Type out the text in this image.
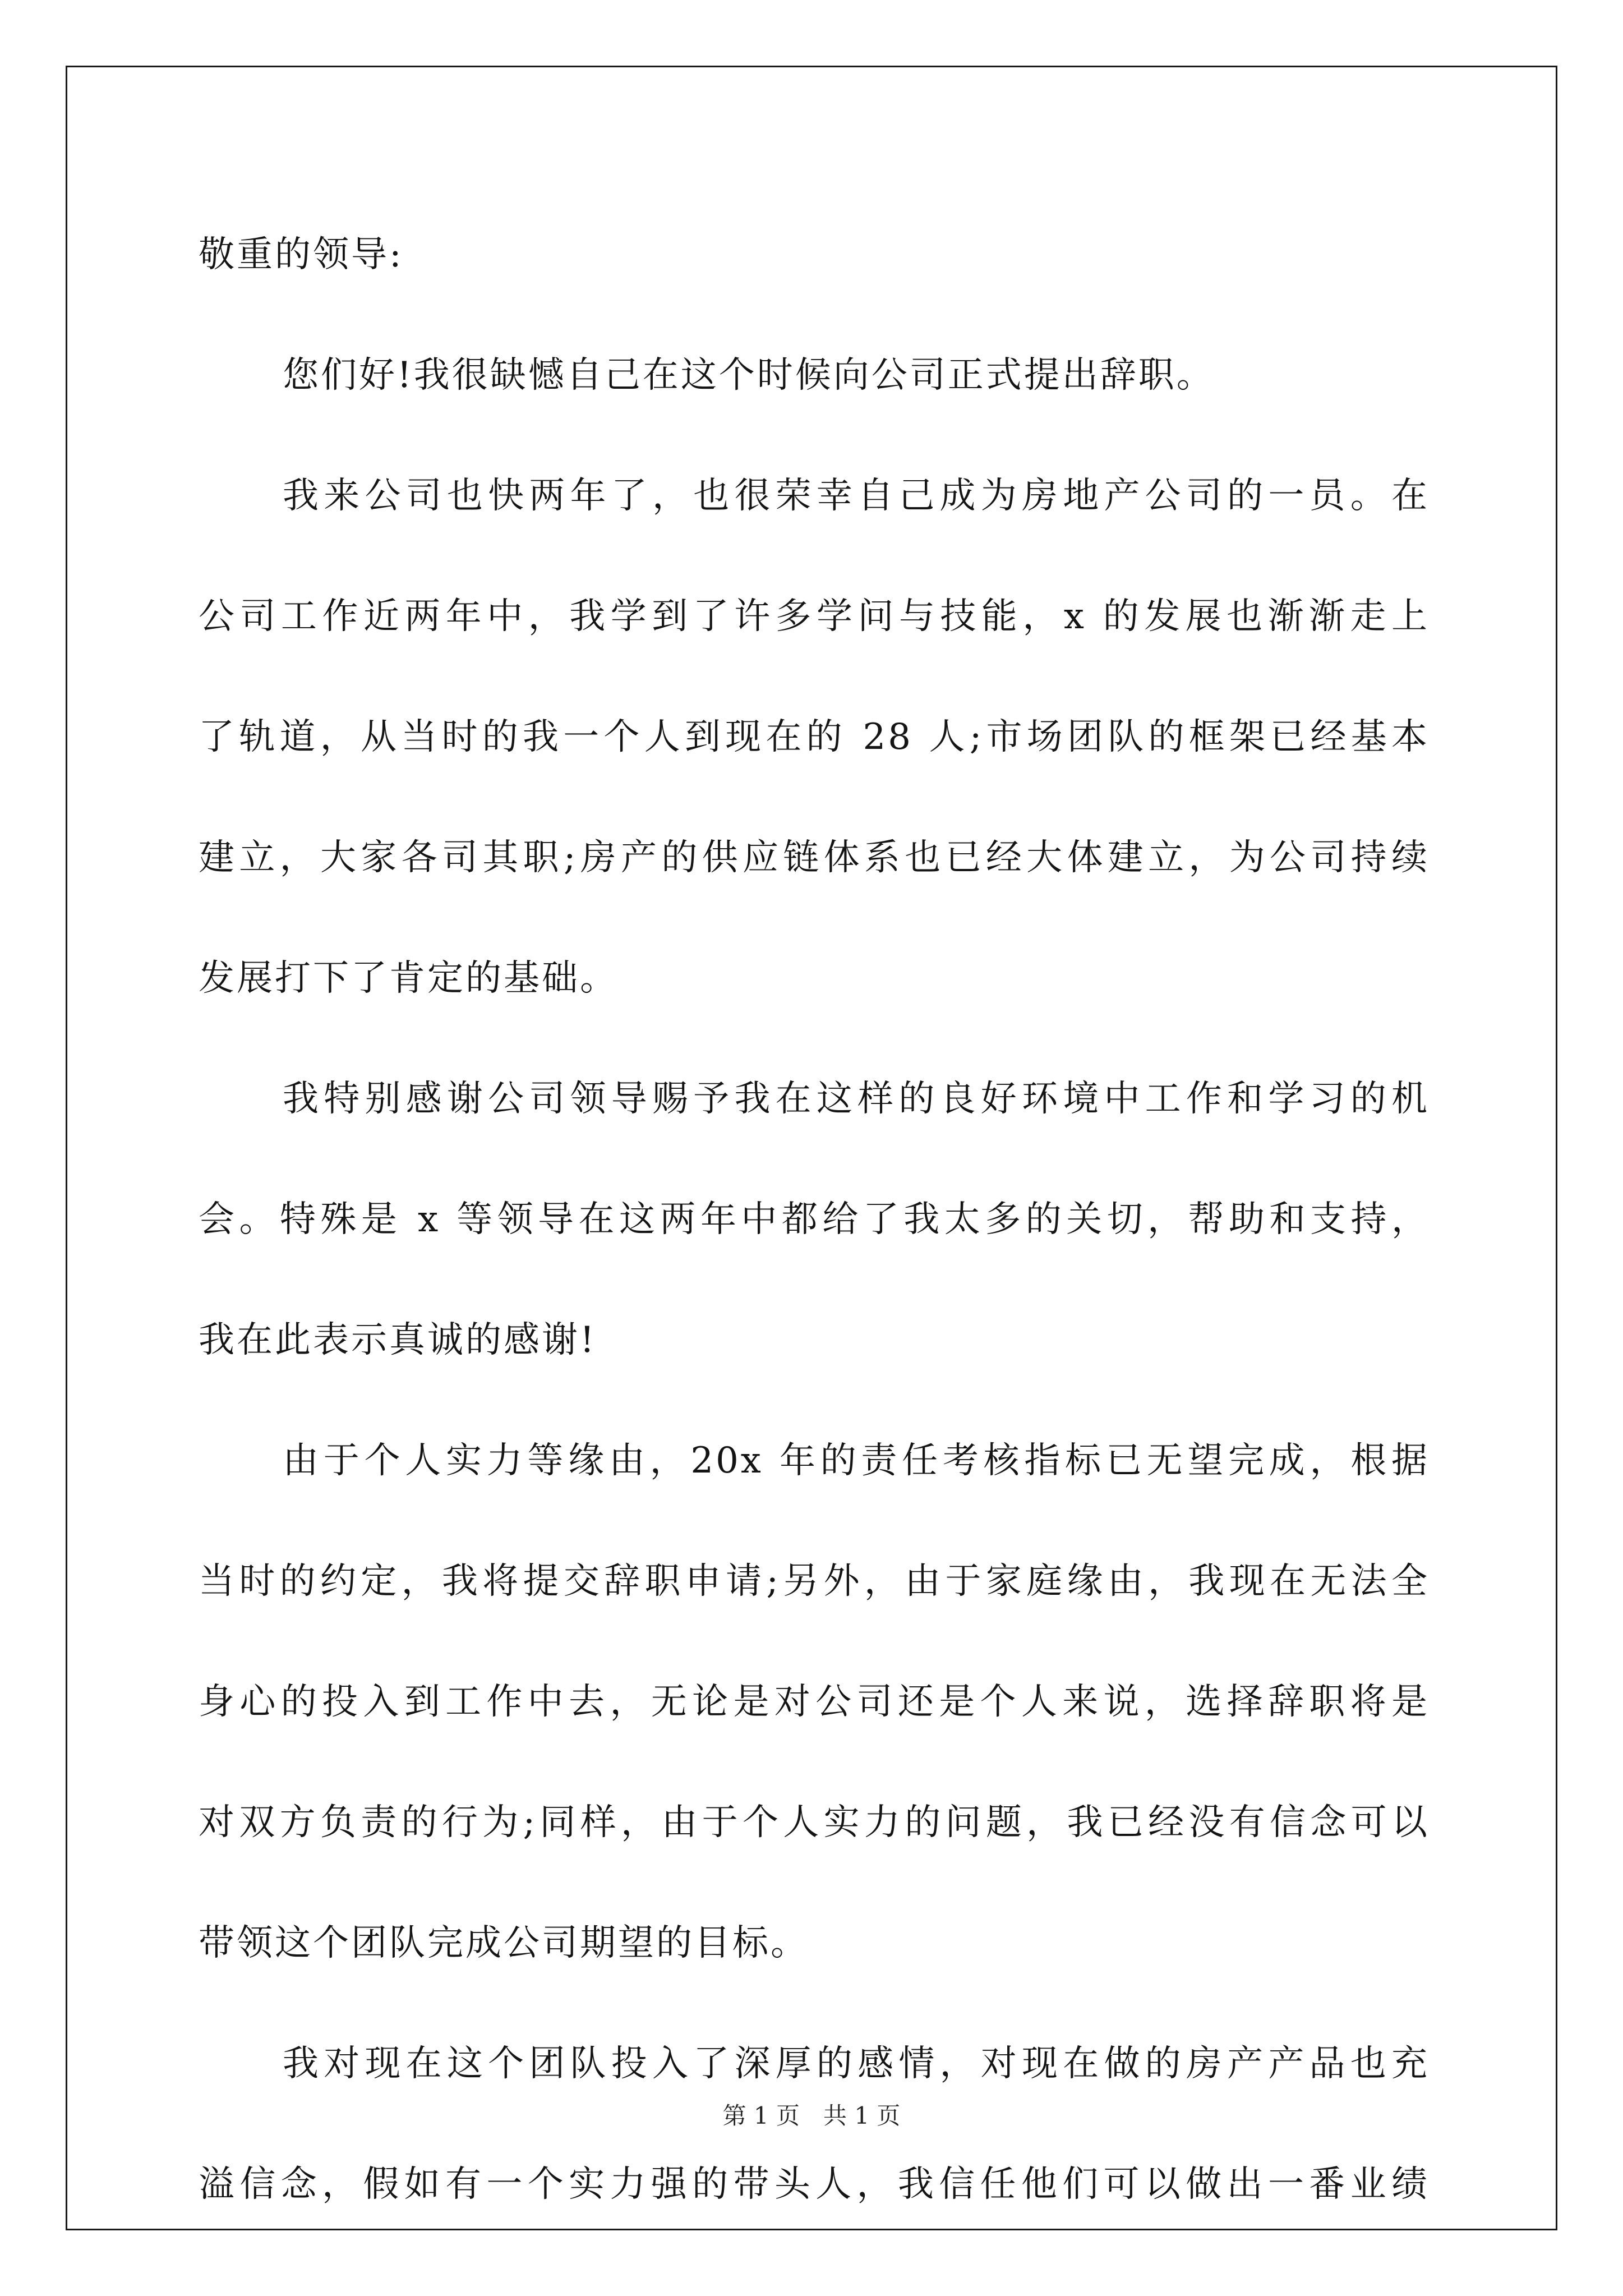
敬重的领导:
您们好!我很缺憾自己在这个时候向公司正式提出辞职。
我来公司也快两年了，也很荣幸自己成为房地产公司的一员。在
公司工作近两年中，我学到了许多学问与技能，x 的发展也渐渐走上
了轨道，从当时的我一个人到现在的 28 人;市场团队的框架已经基本
建立，大家各司其职;房产的供应链体系也已经大体建立，为公司持续
发展打下了肯定的基础。
我特别感谢公司领导赐予我在这样的良好环境中工作和学习的机
会。特殊是 x 等领导在这两年中都给了我太多的关切，帮助和支持，
我在此表示真诚的感谢!
由于个人实力等缘由，20x 年的责任考核指标已无望完成，根据
当时的约定，我将提交辞职申请;另外，由于家庭缘由，我现在无法全
身心的投入到工作中去，无论是对公司还是个人来说，选择辞职将是
对双方负责的行为;同样，由于个人实力的问题，我已经没有信念可以
带领这个团队完成公司期望的目标。
我对现在这个团队投入了深厚的感情，对现在做的房产产品也充
溢信念，假如有一个实力强的带头人，我信任他们可以做出一番业绩
第 1 页　共 1 页
